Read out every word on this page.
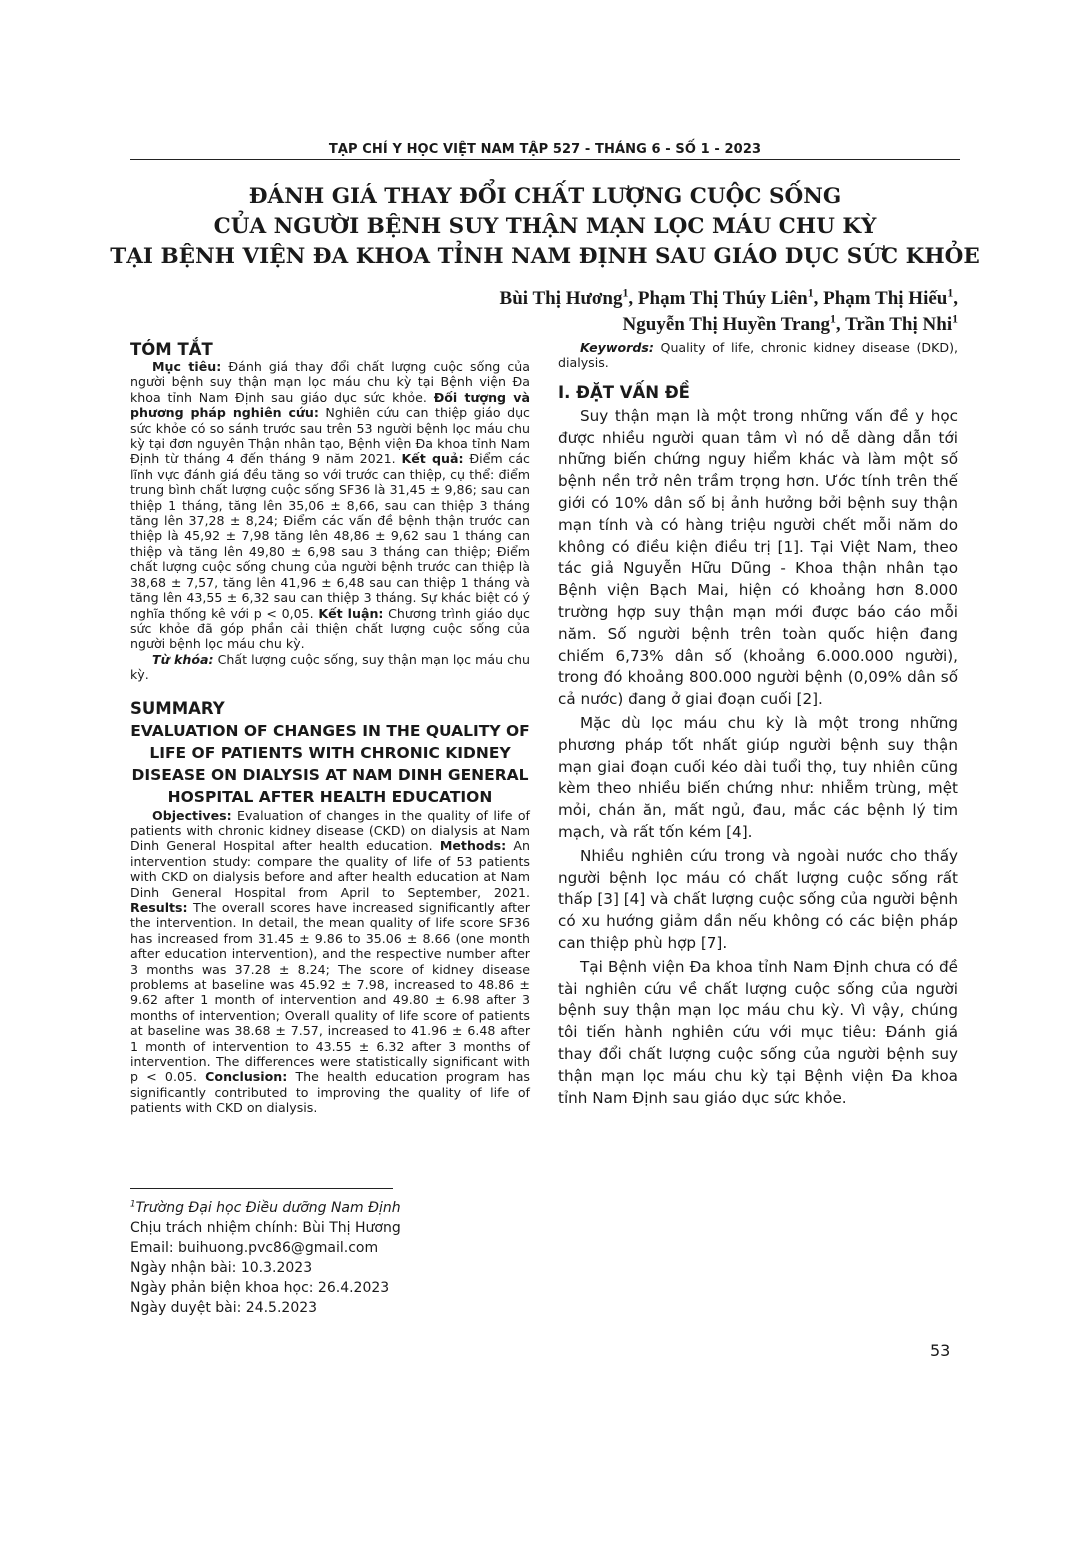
TẠP CHÍ Y HỌC VIỆT NAM TẬP 527 - THÁNG 6 - SỐ 1 - 2023
ĐÁNH GIÁ THAY ĐỔI CHẤT LƯỢNG CUỘC SỐNG
CỦA NGƯỜI BỆNH SUY THẬN MẠN LỌC MÁU CHU KỲ
TẠI BỆNH VIỆN ĐA KHOA TỈNH NAM ĐỊNH SAU GIÁO DỤC SỨC KHỎE
Bùi Thị Hương$^1$, Phạm Thị Thúy Liên$^1$, Phạm Thị Hiếu$^1$,
Nguyễn Thị Huyền Trang$^1$, Trần Thị Nhi$^1$
TÓM TẮT

Mục tiêu: Đánh giá thay đổi chất lượng cuộc sống của người bệnh suy thận mạn lọc máu chu kỳ tại Bệnh viện Đa khoa tỉnh Nam Định sau giáo dục sức khỏe. Đối tượng và phương pháp nghiên cứu: Nghiên cứu can thiệp giáo dục sức khỏe có so sánh trước sau trên 53 người bệnh lọc máu chu kỳ tại đơn nguyên Thận nhân tạo, Bệnh viện Đa khoa tỉnh Nam Định từ tháng 4 đến tháng 9 năm 2021. Kết quả: Điểm các lĩnh vực đánh giá đều tăng so với trước can thiệp, cụ thể: điểm trung bình chất lượng cuộc sống SF36 là 31,45 ± 9,86; sau can thiệp 1 tháng, tăng lên 35,06 ± 8,66, sau can thiệp 3 tháng tăng lên 37,28 ± 8,24; Điểm các vấn đề bệnh thận trước can thiệp là 45,92 ± 7,98 tăng lên 48,86 ± 9,62 sau 1 tháng can thiệp và tăng lên 49,80 ± 6,98 sau 3 tháng can thiệp; Điểm chất lượng cuộc sống chung của người bệnh trước can thiệp là 38,68 ± 7,57, tăng lên 41,96 ± 6,48 sau can thiệp 1 tháng và tăng lên 43,55 ± 6,32 sau can thiệp 3 tháng. Sự khác biệt có ý nghĩa thống kê với p < 0,05. Kết luận: Chương trình giáo dục sức khỏe đã góp phần cải thiện chất lượng cuộc sống của người bệnh lọc máu chu kỳ.

Từ khóa: Chất lượng cuộc sống, suy thận mạn lọc máu chu kỳ.

SUMMARY
EVALUATION OF CHANGES IN THE QUALITY OF LIFE OF PATIENTS WITH CHRONIC KIDNEY DISEASE ON DIALYSIS AT NAM DINH GENERAL HOSPITAL AFTER HEALTH EDUCATION

Objectives: Evaluation of changes in the quality of life of patients with chronic kidney disease (CKD) on dialysis at Nam Dinh General Hospital after health education. Methods: An intervention study: compare the quality of life of 53 patients with CKD on dialysis before and after health education at Nam Dinh General Hospital from April to September, 2021. Results: The overall scores have increased significantly after the intervention. In detail, the mean quality of life score SF36 has increased from 31.45 ± 9.86 to 35.06 ± 8.66 (one month after education intervention), and the respective number after 3 months was 37.28 ± 8.24; The score of kidney disease problems at baseline was 45.92 ± 7.98, increased to 48.86 ± 9.62 after 1 month of intervention and 49.80 ± 6.98 after 3 months of intervention; Overall quality of life score of patients at baseline was 38.68 ± 7.57, increased to 41.96 ± 6.48 after 1 month of intervention to 43.55 ± 6.32 after 3 months of intervention. The differences were statistically significant with p < 0.05. Conclusion: The health education program has significantly contributed to improving the quality of life of patients with CKD on dialysis.

Keywords: Quality of life, chronic kidney disease (DKD), dialysis.

I. ĐẶT VẤN ĐỀ

Suy thận mạn là một trong những vấn đề y học được nhiều người quan tâm vì nó dễ dàng dẫn tới những biến chứng nguy hiểm khác và làm một số bệnh nền trở nên trầm trọng hơn. Ước tính trên thế giới có 10% dân số bị ảnh hưởng bởi bệnh suy thận mạn tính và có hàng triệu người chết mỗi năm do không có điều kiện điều trị [1]. Tại Việt Nam, theo tác giả Nguyễn Hữu Dũng - Khoa thận nhân tạo Bệnh viện Bạch Mai, hiện có khoảng hơn 8.000 trường hợp suy thận mạn mới được báo cáo mỗi năm. Số người bệnh trên toàn quốc hiện đang chiếm 6,73% dân số (khoảng 6.000.000 người), trong đó khoảng 800.000 người bệnh (0,09% dân số cả nước) đang ở giai đoạn cuối [2].

Mặc dù lọc máu chu kỳ là một trong những phương pháp tốt nhất giúp người bệnh suy thận mạn giai đoạn cuối kéo dài tuổi thọ, tuy nhiên cũng kèm theo nhiều biến chứng như: nhiễm trùng, mệt mỏi, chán ăn, mất ngủ, đau, mắc các bệnh lý tim mạch, và rất tốn kém [4].

Nhiều nghiên cứu trong và ngoài nước cho thấy người bệnh lọc máu có chất lượng cuộc sống rất thấp [3] [4] và chất lượng cuộc sống của người bệnh có xu hướng giảm dần nếu không có các biện pháp can thiệp phù hợp [7].

Tại Bệnh viện Đa khoa tỉnh Nam Định chưa có đề tài nghiên cứu về chất lượng cuộc sống của người bệnh suy thận mạn lọc máu chu kỳ. Vì vậy, chúng tôi tiến hành nghiên cứu với mục tiêu: Đánh giá thay đổi chất lượng cuộc sống của người bệnh suy thận mạn lọc máu chu kỳ tại Bệnh viện Đa khoa tỉnh Nam Định sau giáo dục sức khỏe.

$^1$Trường Đại học Điều dưỡng Nam Định
Chịu trách nhiệm chính: Bùi Thị Hương
Email: buihuong.pvc86@gmail.com
Ngày nhận bài: 10.3.2023
Ngày phản biện khoa học: 26.4.2023
Ngày duyệt bài: 24.5.2023
53
